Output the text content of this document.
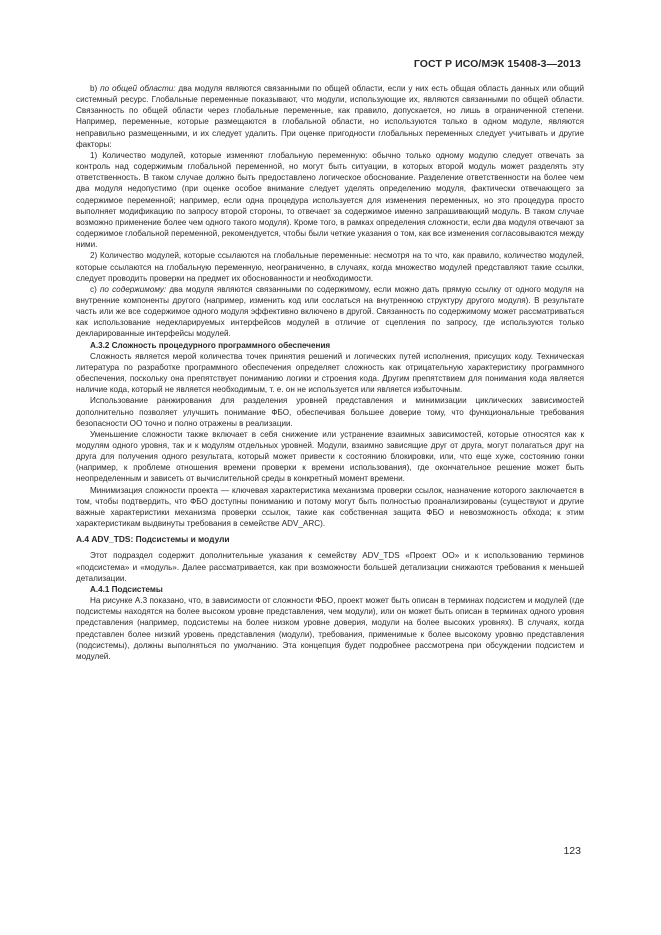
ГОСТ Р ИСО/МЭК 15408-3—2013

b) по общей области: два модуля являются связанными по общей области, если у них есть общая область данных или общий системный ресурс. Глобальные переменные показывают, что модули, использующие их, являются связанными по общей области. Связанность по общей области через глобальные переменные, как правило, допускается, но лишь в ограниченной степени. Например, переменные, которые размещаются в глобальной области, но используются только в одном модуле, являются неправильно размещенными, и их следует удалить. При оценке пригодности глобальных переменных следует учитывать и другие факторы:

1) Количество модулей, которые изменяют глобальную переменную: обычно только одному модулю следует отвечать за контроль над содержимым глобальной переменной, но могут быть ситуации, в которых второй модуль может разделять эту ответственность. В таком случае должно быть предоставлено логическое обоснование. Разделение ответственности на более чем два модуля недопустимо (при оценке особое внимание следует уделять определению модуля, фактически отвечающего за содержимое переменной; например, если одна процедура используется для изменения переменных, но это процедура просто выполняет модификацию по запросу второй стороны, то отвечает за содержимое именно запрашивающий модуль. В таком случае возможно применение более чем одного такого модуля). Кроме того, в рамках определения сложности, если два модуля отвечают за содержимое глобальной переменной, рекомендуется, чтобы были четкие указания о том, как все изменения согласовываются между ними.

2) Количество модулей, которые ссылаются на глобальные переменные: несмотря на то что, как правило, количество модулей, которые ссылаются на глобальную переменную, неограниченно, в случаях, когда множество модулей представляют такие ссылки, следует проводить проверки на предмет их обоснованности и необходимости.

c) по содержимому: два модуля являются связанными по содержимому, если можно дать прямую ссылку от одного модуля на внутренние компоненты другого (например, изменить код или сослаться на внутреннюю структуру другого модуля). В результате часть или же все содержимое одного модуля эффективно включено в другой. Связанность по содержимому может рассматриваться как использование недекларируемых интерфейсов модулей в отличие от сцепления по запросу, где используются только декларированные интерфейсы модулей.

А.3.2 Сложность процедурного программного обеспечения

Сложность является мерой количества точек принятия решений и логических путей исполнения, присущих коду. Техническая литература по разработке программного обеспечения определяет сложность как отрицательную характеристику программного обеспечения, поскольку она препятствует пониманию логики и строения кода. Другим препятствием для понимания кода является наличие кода, который не является необходимым, т. е. он не используется или является избыточным.

Использование ранжирования для разделения уровней представления и минимизации циклических зависимостей дополнительно позволяет улучшить понимание ФБО, обеспечивая большее доверие тому, что функциональные требования безопасности ОО точно и полно отражены в реализации.

Уменьшение сложности также включает в себя снижение или устранение взаимных зависимостей, которые относятся как к модулям одного уровня, так и к модулям отдельных уровней. Модули, взаимно зависящие друг от друга, могут полагаться друг на друга для получения одного результата, который может привести к состоянию блокировки, или, что еще хуже, состоянию гонки (например, к проблеме отношения времени проверки к времени использования), где окончательное решение может быть неопределенным и зависеть от вычислительной среды в конкретный момент времени.

Минимизация сложности проекта — ключевая характеристика механизма проверки ссылок, назначение которого заключается в том, чтобы подтвердить, что ФБО доступны пониманию и потому могут быть полностью проанализированы (существуют и другие важные характеристики механизма проверки ссылок, такие как собственная защита ФБО и невозможность обхода; к этим характеристикам выдвинуты требования в семействе ADV_ARC).

А.4 ADV_TDS: Подсистемы и модули

Этот подраздел содержит дополнительные указания к семейству ADV_TDS «Проект ОО» и к использованию терминов «подсистема» и «модуль». Далее рассматривается, как при возможности большей детализации снижаются требования к меньшей детализации.

А.4.1 Подсистемы

На рисунке А.3 показано, что, в зависимости от сложности ФБО, проект может быть описан в терминах подсистем и модулей (где подсистемы находятся на более высоком уровне представления, чем модули), или он может быть описан в терминах одного уровня представления (например, подсистемы на более низком уровне доверия, модули на более высоких уровнях). В случаях, когда представлен более низкий уровень представления (модули), требования, применимые к более высокому уровню представления (подсистемы), должны выполняться по умолчанию. Эта концепция будет подробнее рассмотрена при обсуждении подсистем и модулей.

123
